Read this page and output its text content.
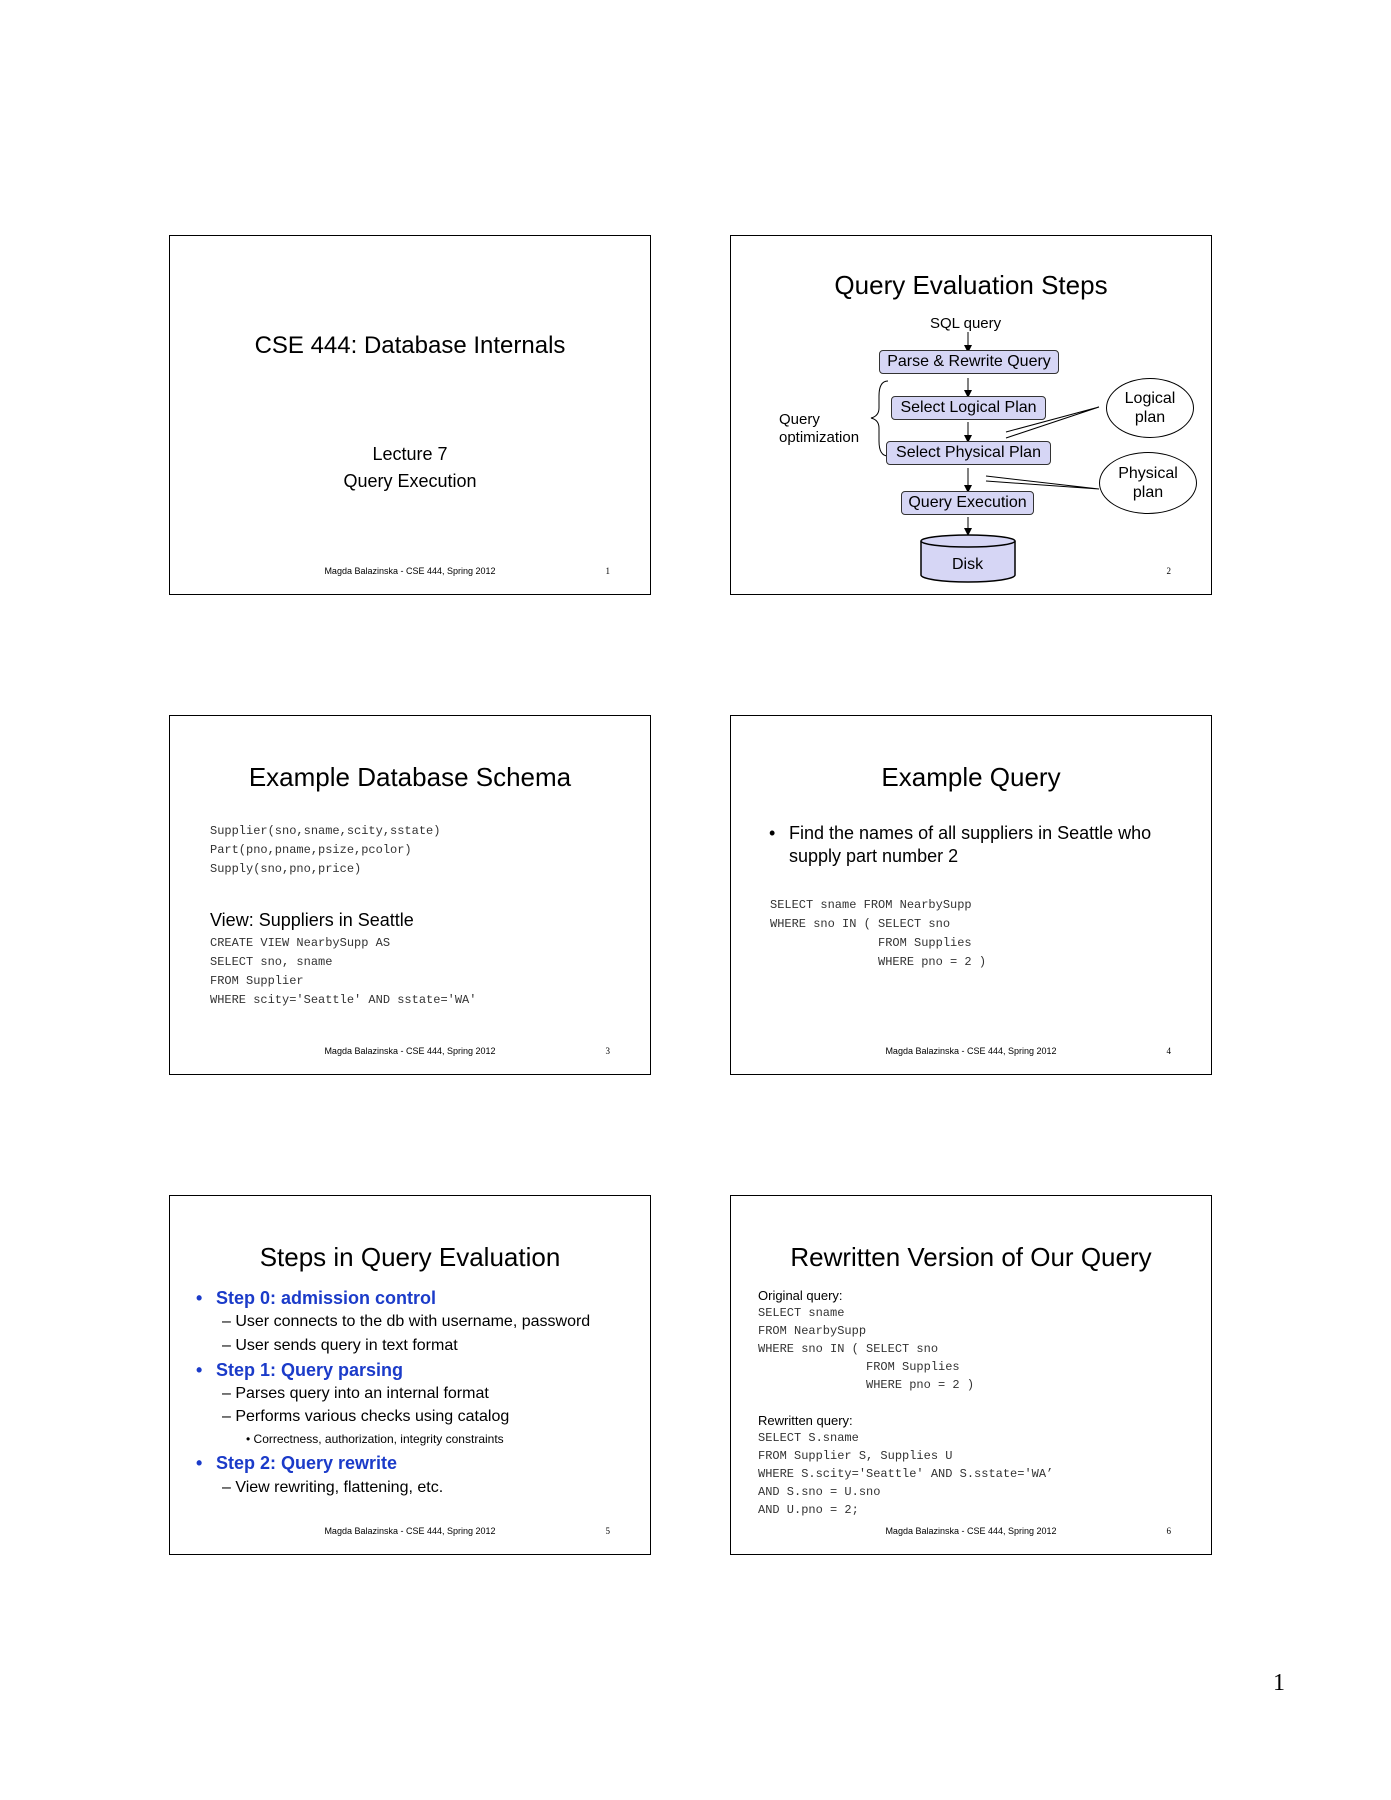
CSE 444: Database Internals
Lecture 7
Query Execution
Magda Balazinska - CSE 444, Spring 2012	1
Query Evaluation Steps
SQL query
Parse & Rewrite Query
Select Logical Plan
Select Physical Plan
Query Execution
Disk
Query
optimization
Logical
plan
Physical
plan
2
Example Database Schema
Supplier(sno,sname,scity,sstate)
Part(pno,pname,psize,pcolor)
Supply(sno,pno,price)
View: Suppliers in Seattle
CREATE VIEW NearbySupp AS
SELECT sno, sname
FROM Supplier
WHERE scity='Seattle' AND sstate='WA'
Magda Balazinska - CSE 444, Spring 2012	3
Example Query
• Find the names of all suppliers in Seattle who
supply part number 2
SELECT sname FROM NearbySupp
WHERE sno IN ( SELECT sno
FROM Supplies
WHERE pno = 2 )
Magda Balazinska - CSE 444, Spring 2012	4
Steps in Query Evaluation
• Step 0: admission control
– User connects to the db with username, password
– User sends query in text format
• Step 1: Query parsing
– Parses query into an internal format
– Performs various checks using catalog
• Correctness, authorization, integrity constraints
• Step 2: Query rewrite
– View rewriting, flattening, etc.
Magda Balazinska - CSE 444, Spring 2012	5
Rewritten Version of Our Query
Original query:
SELECT sname
FROM NearbySupp
WHERE sno IN ( SELECT sno
FROM Supplies
WHERE pno = 2 )
Rewritten query:
SELECT S.sname
FROM Supplier S, Supplies U
WHERE S.scity='Seattle' AND S.sstate='WA’
AND S.sno = U.sno
AND U.pno = 2;
Magda Balazinska - CSE 444, Spring 2012	6
1
